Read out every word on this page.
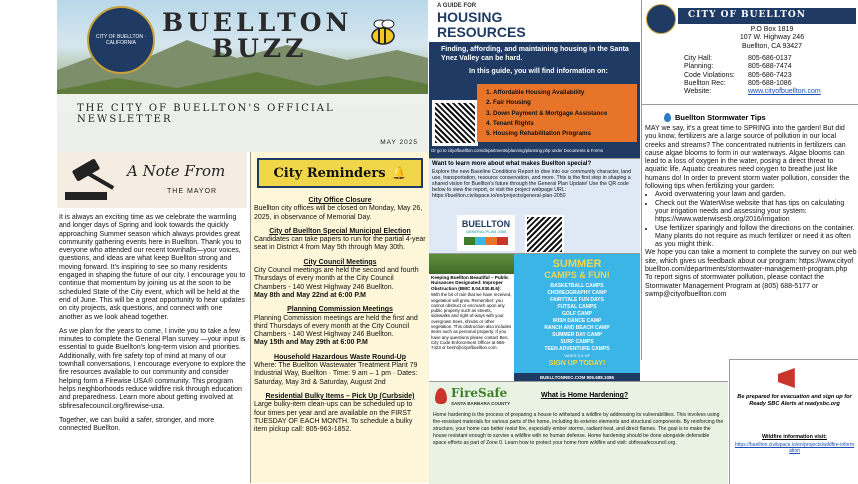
CITY OF BUELLTON · CALIFORNIA
BUELLTON
BUZZ
THE CITY OF BUELLTON'S OFFICIAL NEWSLETTER
MAY 2025
A Note From
THE MAYOR

It is always an exciting time as we celebrate the warmling and longer days of Spring and look towards the quickly approaching Summer season which always provides great community gathering events here in Buellton. Thank you to everyone who attended our recent townhalls—your voices, questions, and ideas are what keep Buellton strong and moving forward. It's inspiring to see so many residents engaged in shaping the future of our city. I encourage you to continue that momentum by joining us at the soon to be scheduled State of the City event, which will be held at the end of June. This will be a great opportunity to hear updates on city projects, ask questions, and connect with one another as we look ahead together.

As we plan for the years to come, I invite you to take a few minutes to complete the General Plan survey —your input is essential to guide Buellton's long-term vision and priorities. Additionally, with fire safety top of mind at many of our townhall conversations, I encourage everyone to explore the fire resources available to our community and consider helping form a Firewise USA® community. This program helps neighborhoods reduce wildfire risk through education and preparedness. Learn more about getting involved at sbfiresafecouncil.org/firewise-usa.

Together, we can build a safer, stronger, and more connected Buellton.

City Reminders 🔔
City Office Closure
Buellton city offices will be closed on Monday, May 26, 2025, in observance of Memorial Day.
City of Buellton Special Municipal Election
Candidates can take papers to run for the partial 4-year seat in District 4 from May 5th through May 30th.
City Council Meetings
City Council meetings are held the second and fourth Thursdays of every month at the City Council Chambers - 140 West Highway 246 Buellton.
May 8th and May 22nd at 6:00 P.M
Planning Commission Meetings
Planning Commission meetings are held the first and third Thursdays of every month at the City Council Chambers - 140 West Highway 246 Buellton.
May 15th and May 29th at 6:00 P.M
Household Hazardous Waste Round-Up
Where: The Buellton Wastewater Treatment Plant 79 Industrial Way, Buellton · Time: 9 am – 1 pm · Dates: Saturday, May 3rd & Saturday, August 2nd
Residential Bulky Items – Pick Up (Curbside)
Large bulky-item clean-ups can be scheduled up to four times per year and are available on the FIRST TUESDAY OF EACH MONTH. To schedule a bulky item pickup call: 805-963-1852.
A GUIDE FOR
HOUSING
RESOURCES
Finding, affording, and maintaining housing in the Santa Ynez Valley can be hard.
In this guide, you will find information on:
1. Affordable Housing Availability
2. Fair Housing
3. Down Payment & Mortgage Assistance
4. Tenant Rights
5. Housing Rehabilitation Programs
Or go to cityofbuellton.com/departments/planning/planning.php under Documents & Forms
Want to learn more about what makes Buellton special?
Explore the new Baseline Conditions Report to dive into our community character, land use, transportation, resource conservation, and more. This is the first step in shaping a shared vision for Buellton's future through the General Plan Update! Use the QR code below to view the report, or visit the project webpage URL: https://buellton.civilspace.io/en/projects/general-plan-2050
BUELLTON
GENERAL PLAN 2050
Keeping Buellton Beautiful – Public Nuisances Designated: Improper Obstruction (BMC 8.04.030.B.6):
With the bit of rain that we have received, vegetation will grow. Remember: you cannot obstruct or encroach upon any public property such as streets, sidewalks and right-of-ways with your overgrown trees, shrubs or other vegetation. This obstruction also includes items such as personal property. If you have any questions please contact Ben, City Code Enforcement Officer at 686-7423 or benh@cityofbuellton.com.
SUMMER
CAMPS & FUN!
BASKETBALL CAMPS
CHOREOGRAPHY CAMP
FAIRYTALE FUN DAYS
FUTSAL CAMPS
GOLF CAMP
IRISH DANCE CAMP
RANCH AND BEACH CAMP
SUMMER DAY CAMP
SURF CAMPS
TEEN ADVENTURE CAMPS
*AGES 3 & UP
SIGN UP TODAY!
BUELLTONREC.COM 805.688.1086
CITY OF BUELLTON
P.O Box 1819
107 W. Highway 246
Buellton, CA 93427
City Hall:	805-686-0137
Planning:	805-688-7474
Code Violations:	805-686-7423
Buellton Rec:	805-688-1086
Website:	www.cityofbuellton.com
Buellton Stormwater Tips
MAY we say, it's a great time to SPRING into the garden! But did you know, fertilizers are a large source of pollution in our local creeks and streams? The concentrated nutrients in fertilizers can cause algae blooms to form in our waterways. Algae blooms can lead to a loss of oxygen in the water, posing a direct threat to aquatic life. Aquatic creatures need oxygen to breathe just like humans do! In order to prevent storm water pollution, consider the following tips when fertilizing your garden:
• Avoid overwatering your lawn and garden.
• Check out the WaterWise website that has tips on calculating your irrigation needs and assessing your system: https://www.waterwisesb.org/2016/irrigation
• Use fertilizer sparingly and follow the directions on the container. Many plants do not require as much fertilizer or need it as often as you might think.
We hope you can take a moment to complete the survey on our website, which gives us feedback about our program: https://www.cityofbuellton.com/departments/stormwater-management-program.php
To report signs of stormwater pollution, please contact the Stormwater Management Program at (805) 688-5177 or swmp@cityofbuellton.com
FireSafe
SANTA BARBARA COUNTY
What is Home Hardening?
Home hardening is the process of preparing a house to withstand a wildfire by addressing its vulnerabilities. This involves using fire-resistant materials for various parts of the home, including its exterior elements and structural components. By reinforcing the structure, your home can better resist fire, especially ember storms, radiant heat, and direct flames. The goal is to make the house resistant enough to survive a wildfire with no human defense. Home hardening should be done alongside defensible space efforts as part of Zone 0. Learn how to protect your home from wildfire and visit: sbfiresafecouncil.org.
Be prepared for evacuation and sign up for Ready SBC Alerts at readysbc.org
Wildfire information visit:
https://buellton.civilspace.io/en/projects/wildfire-information
